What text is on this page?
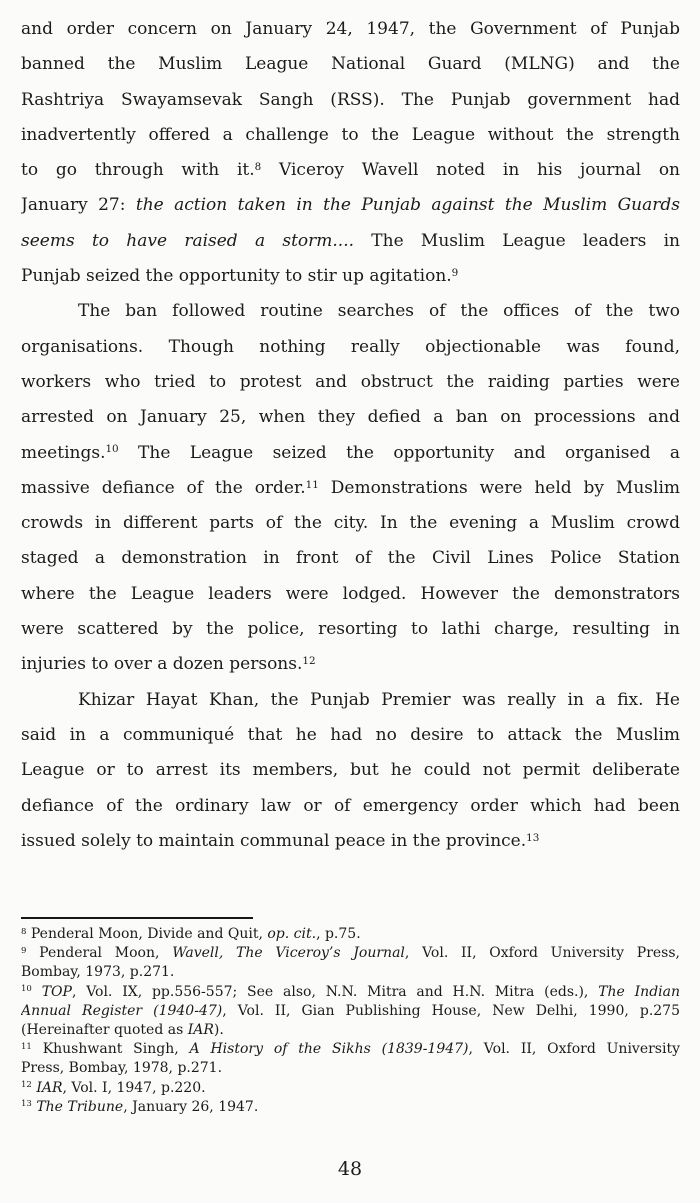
and order concern on January 24, 1947, the Government of Punjab
banned the Muslim League National Guard (MLNG) and the
Rashtriya Swayamsevak Sangh (RSS). The Punjab government had
inadvertently offered a challenge to the League without the strength
to go through with it.$^8$ Viceroy Wavell noted in his journal on
January 27: the action taken in the Punjab against the Muslim Guards
seems to have raised a storm.... The Muslim League leaders in
Punjab seized the opportunity to stir up agitation.$^9$
The ban followed routine searches of the offices of the two
organisations. Though nothing really objectionable was found,
workers who tried to protest and obstruct the raiding parties were
arrested on January 25, when they defied a ban on processions and
meetings.$^{10}$ The League seized the opportunity and organised a
massive defiance of the order.$^{11}$ Demonstrations were held by Muslim
crowds in different parts of the city. In the evening a Muslim crowd
staged a demonstration in front of the Civil Lines Police Station
where the League leaders were lodged. However the demonstrators
were scattered by the police, resorting to lathi charge, resulting in
injuries to over a dozen persons.$^{12}$
Khizar Hayat Khan, the Punjab Premier was really in a fix. He
said in a communiqué that he had no desire to attack the Muslim
League or to arrest its members, but he could not permit deliberate
defiance of the ordinary law or of emergency order which had been
issued solely to maintain communal peace in the province.$^{13}$
$^8$ Penderal Moon, Divide and Quit, op. cit., p.75.
$^9$ Penderal Moon, Wavell, The Viceroy’s Journal, Vol. II, Oxford University Press,
Bombay, 1973, p.271.
$^{10}$ TOP, Vol. IX, pp.556-557; See also, N.N. Mitra and H.N. Mitra (eds.), The Indian
Annual Register (1940-47), Vol. II, Gian Publishing House, New Delhi, 1990, p.275
(Hereinafter quoted as IAR).
$^{11}$ Khushwant Singh, A History of the Sikhs (1839-1947), Vol. II, Oxford University
Press, Bombay, 1978, p.271.
$^{12}$ IAR, Vol. I, 1947, p.220.
$^{13}$ The Tribune, January 26, 1947.
48
